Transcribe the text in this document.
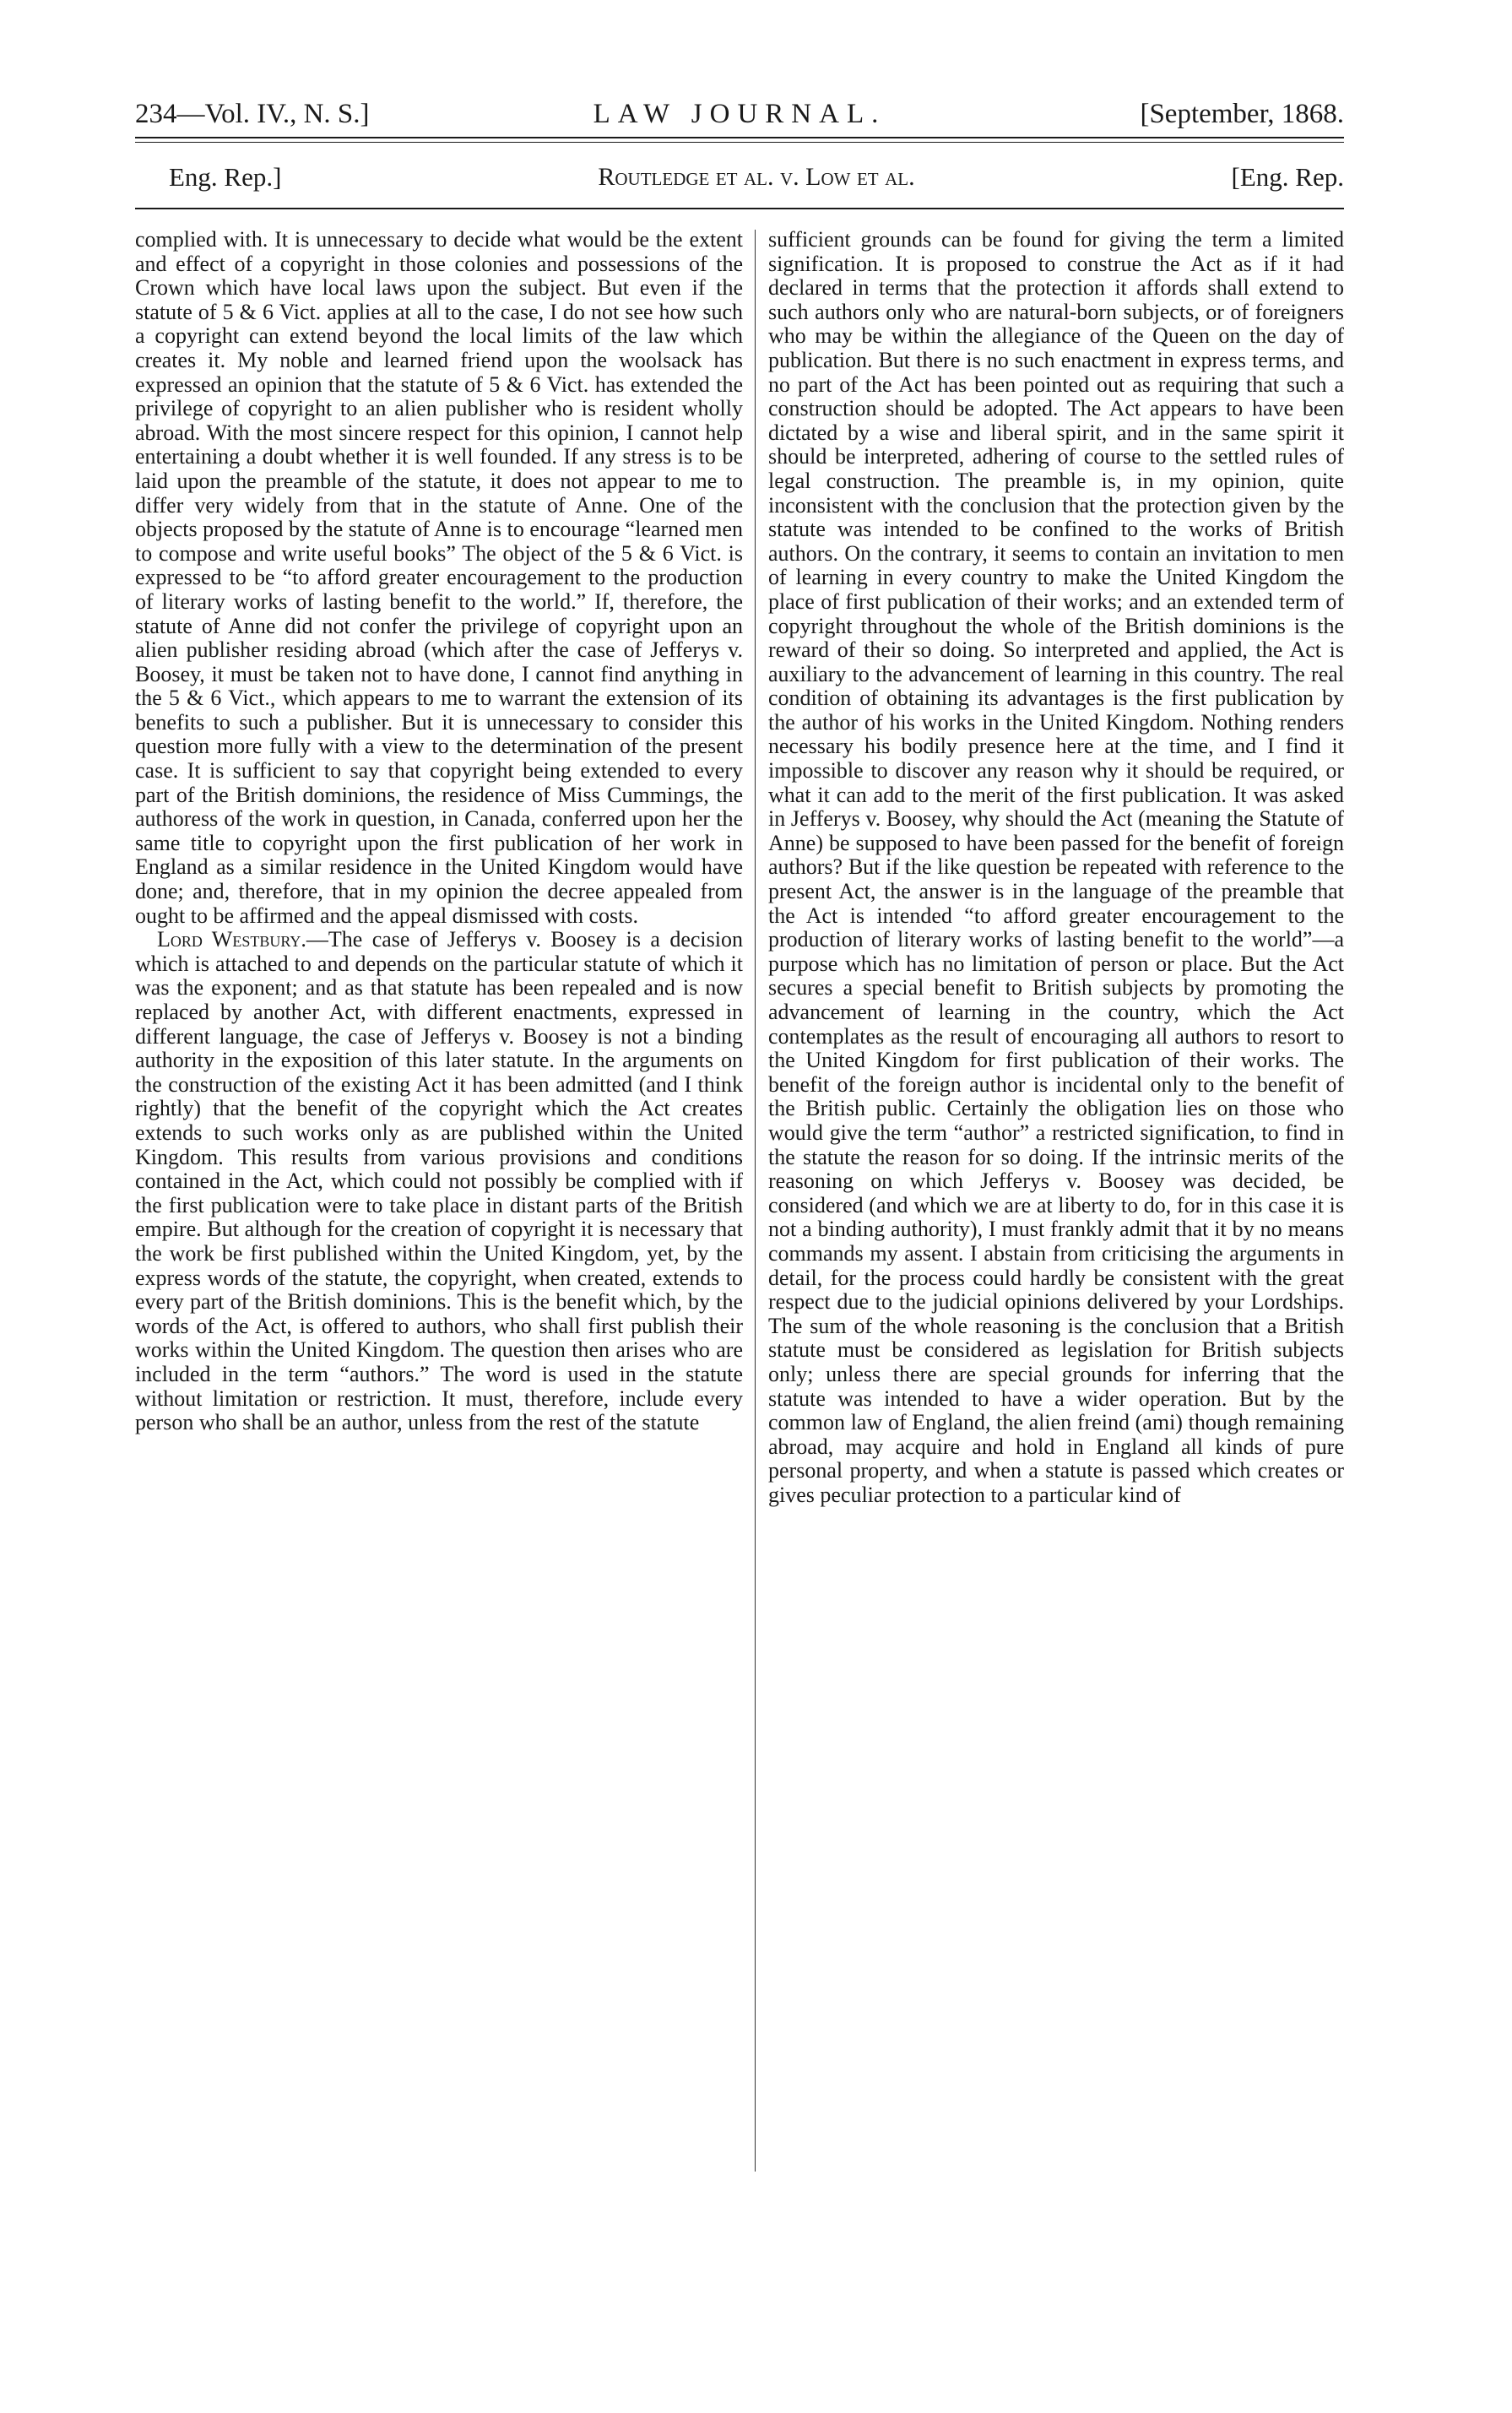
234—Vol. IV., N. S.]	LAW JOURNAL.	[September, 1868.
Eng. Rep.]	Routledge et al. v. Low et al.	[Eng. Rep.

complied with. It is unnecessary to decide what would be the extent and effect of a copyright in those colonies and possessions of the Crown which have local laws upon the subject. But even if the statute of 5 & 6 Vict. applies at all to the case, I do not see how such a copyright can extend beyond the local limits of the law which creates it. My noble and learned friend upon the woolsack has expressed an opinion that the statute of 5 & 6 Vict. has extended the privilege of copyright to an alien publisher who is resident wholly abroad. With the most sincere respect for this opinion, I cannot help entertaining a doubt whether it is well founded. If any stress is to be laid upon the preamble of the statute, it does not appear to me to differ very widely from that in the statute of Anne. One of the objects proposed by the statute of Anne is to encourage “learned men to compose and write useful books” The object of the 5 & 6 Vict. is expressed to be “to afford greater encouragement to the production of literary works of lasting benefit to the world.” If, therefore, the statute of Anne did not confer the privilege of copyright upon an alien publisher residing abroad (which after the case of Jefferys v. Boosey, it must be taken not to have done, I cannot find anything in the 5 & 6 Vict., which appears to me to warrant the extension of its benefits to such a publisher. But it is unnecessary to consider this question more fully with a view to the determination of the present case. It is sufficient to say that copyright being extended to every part of the British dominions, the residence of Miss Cummings, the authoress of the work in question, in Canada, conferred upon her the same title to copyright upon the first publication of her work in England as a similar residence in the United Kingdom would have done; and, therefore, that in my opinion the decree appealed from ought to be affirmed and the appeal dismissed with costs.

Lord Westbury.—The case of Jefferys v. Boosey is a decision which is attached to and depends on the particular statute of which it was the exponent; and as that statute has been repealed and is now replaced by another Act, with different enactments, expressed in different language, the case of Jefferys v. Boosey is not a binding authority in the exposition of this later statute. In the arguments on the construction of the existing Act it has been admitted (and I think rightly) that the benefit of the copyright which the Act creates extends to such works only as are published within the United Kingdom. This results from various provisions and conditions contained in the Act, which could not possibly be complied with if the first publication were to take place in distant parts of the British empire. But although for the creation of copyright it is necessary that the work be first published within the United Kingdom, yet, by the express words of the statute, the copyright, when created, extends to every part of the British dominions. This is the benefit which, by the words of the Act, is offered to authors, who shall first publish their works within the United Kingdom. The question then arises who are included in the term “authors.” The word is used in the statute without limitation or restriction. It must, therefore, include every person who shall be an author, unless from the rest of the statute

sufficient grounds can be found for giving the term a limited signification. It is proposed to construe the Act as if it had declared in terms that the protection it affords shall extend to such authors only who are natural-born subjects, or of foreigners who may be within the allegiance of the Queen on the day of publication. But there is no such enactment in express terms, and no part of the Act has been pointed out as requiring that such a construction should be adopted. The Act appears to have been dictated by a wise and liberal spirit, and in the same spirit it should be interpreted, adhering of course to the settled rules of legal construction. The preamble is, in my opinion, quite inconsistent with the conclusion that the protection given by the statute was intended to be confined to the works of British authors. On the contrary, it seems to contain an invitation to men of learning in every country to make the United Kingdom the place of first publication of their works; and an extended term of copyright throughout the whole of the British dominions is the reward of their so doing. So interpreted and applied, the Act is auxiliary to the advancement of learning in this country. The real condition of obtaining its advantages is the first publication by the author of his works in the United Kingdom. Nothing renders necessary his bodily presence here at the time, and I find it impossible to discover any reason why it should be required, or what it can add to the merit of the first publication. It was asked in Jefferys v. Boosey, why should the Act (meaning the Statute of Anne) be supposed to have been passed for the benefit of foreign authors? But if the like question be repeated with reference to the present Act, the answer is in the language of the preamble that the Act is intended “to afford greater encouragement to the production of literary works of lasting benefit to the world”—a purpose which has no limitation of person or place. But the Act secures a special benefit to British subjects by promoting the advancement of learning in the country, which the Act contemplates as the result of encouraging all authors to resort to the United Kingdom for first publication of their works. The benefit of the foreign author is incidental only to the benefit of the British public. Certainly the obligation lies on those who would give the term “author” a restricted signification, to find in the statute the reason for so doing. If the intrinsic merits of the reasoning on which Jefferys v. Boosey was decided, be considered (and which we are at liberty to do, for in this case it is not a binding authority), I must frankly admit that it by no means commands my assent. I abstain from criticising the arguments in detail, for the process could hardly be consistent with the great respect due to the judicial opinions delivered by your Lordships. The sum of the whole reasoning is the conclusion that a British statute must be considered as legislation for British subjects only; unless there are special grounds for inferring that the statute was intended to have a wider operation. But by the common law of England, the alien freind (ami) though remaining abroad, may acquire and hold in England all kinds of pure personal property, and when a statute is passed which creates or gives peculiar protection to a particular kind of
